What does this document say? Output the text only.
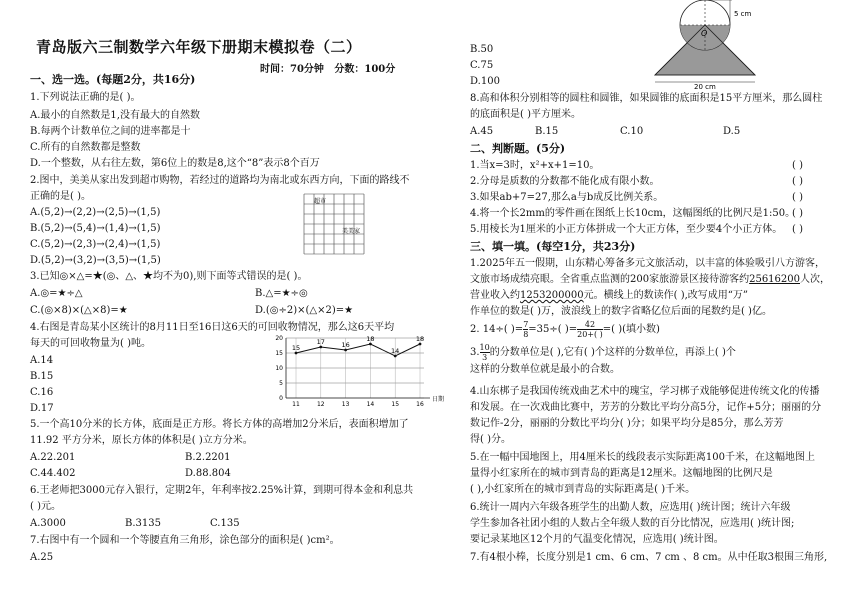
青岛版六三制数学六年级下册期末模拟卷（二）
时间：70分钟 分数：100分
一、选一选。(每题2分，共16分)
1.下列说法正确的是( )。
A.最小的自然数是1,没有最大的自然数
B.每两个计数单位之间的进率都是十
C.所有的自然数都是整数
D.一个整数，从右往左数，第6位上的数是8,这个“8”表示8个百万
2.图中，美美从家出发到超市购物，若经过的道路均为南北或东西方向，下面的路线不
正确的是( )。
A.(5,2)→(2,2)→(2,5)→(1,5)
B.(5,2)→(5,4)→(1,4)→(1,5)
C.(5,2)→(2,3)→(2,4)→(1,5)
D.(5,2)→(3,2)→(3,5)→(1,5)
超市
美美家
3.已知◎×△=★(◎、△、★均不为0),则下面等式错误的是( )。
A.◎=★÷△	B.△=★÷◎
C.(◎×8)×(△×8)=★	D.(◎÷2)×(△×2)=★
4.右图是青岛某小区统计的8月11日至16日这6天的可回收物情况，那么这6天平均
每天的可回收物量为( )吨。
A.14
B.15
C.16
D.17
0
5
10
15
20
11	12	13	14	15	16
日期
15
17	16
18
14
18
5.一个高10分米的长方体，底面是正方形。将长方体的高增加2分米后，表面积增加了
11.92 平方分米，原长方体的体积是( )立方分米。
A.22.201	B.2.2201
C.44.402	D.88.804
6.王老师把3000元存入银行，定期2年，年利率按2.25%计算，到期可得本金和利息共
( )元。
A.3000	B.3135	C.135
7.右图中有一个圆和一个等腰直角三角形，涂色部分的面积是( )cm²。
A.25
B.50
C.75
D.100
5 cm
O
20 cm
8.高和体积分别相等的圆柱和圆锥，如果圆锥的底面积是15平方厘米，那么圆柱
的底面积是( )平方厘米。
A.45	B.15	C.10	D.5
二、判断题。(5分)
1.当x=3时，x²+x+1=10。	( )
2.分母是质数的分数都不能化成有限小数。	( )
3.如果ab+7=27,那么a与b成反比例关系。	( )
4.将一个长2mm的零件画在图纸上长10cm，这幅图纸的比例尺是1:50。
( )
5.用棱长为1厘米的小正方体拼成一个大正方体，至少要4个小正方体。 ( )
三、填一填。(每空1分，共23分)
1.2025年五一假期，山东精心筹备多元文旅活动，以丰富的体验吸引八方游客，
文旅市场成绩亮眼。全省重点监测的200家旅游景区接待游客约25616200人次，
营业收入约1253200000元。横线上的数读作( ),改写成用“万”
作单位的数是( )万，波浪线上的数字省略亿位后面的尾数约是( )亿。
2. 14÷( )= $\frac{7}{8} =35\div$( )= $\frac{42}{20+( )}$ =( )(填小数)
3. $\frac{10}{3}$ 的分数单位是( ),它有( )个这样的分数单位，再添上( )个
这样的分数单位就是最小的合数。
4.山东梆子是我国传统戏曲艺术中的瑰宝，学习梆子戏能够促进传统文化的传播
和发展。在一次戏曲比赛中，芳芳的分数比平均分高5分，记作+5分；丽丽的分
数记作-2分，丽丽的分数比平均分( )分；如果平均分是85分，那么芳芳
得( )分。
5.在一幅中国地图上，用4厘米长的线段表示实际距离100千米，在这幅地图上
量得小红家所在的城市到青岛的距离是12厘米。这幅地图的比例尺是
( ),小红家所在的城市到青岛的实际距离是( )千米。
6.统计一周内六年级各班学生的出勤人数，应选用( )统计图；统计六年级
学生参加各社团小组的人数占全年级人数的百分比情况，应选用( )统计图;
要记录某地区12个月的气温变化情况，应选用( )统计图。
7.有4根小棒，长度分别是1 cm、6 cm、7 cm 、8 cm。从中任取3根围三角形,
